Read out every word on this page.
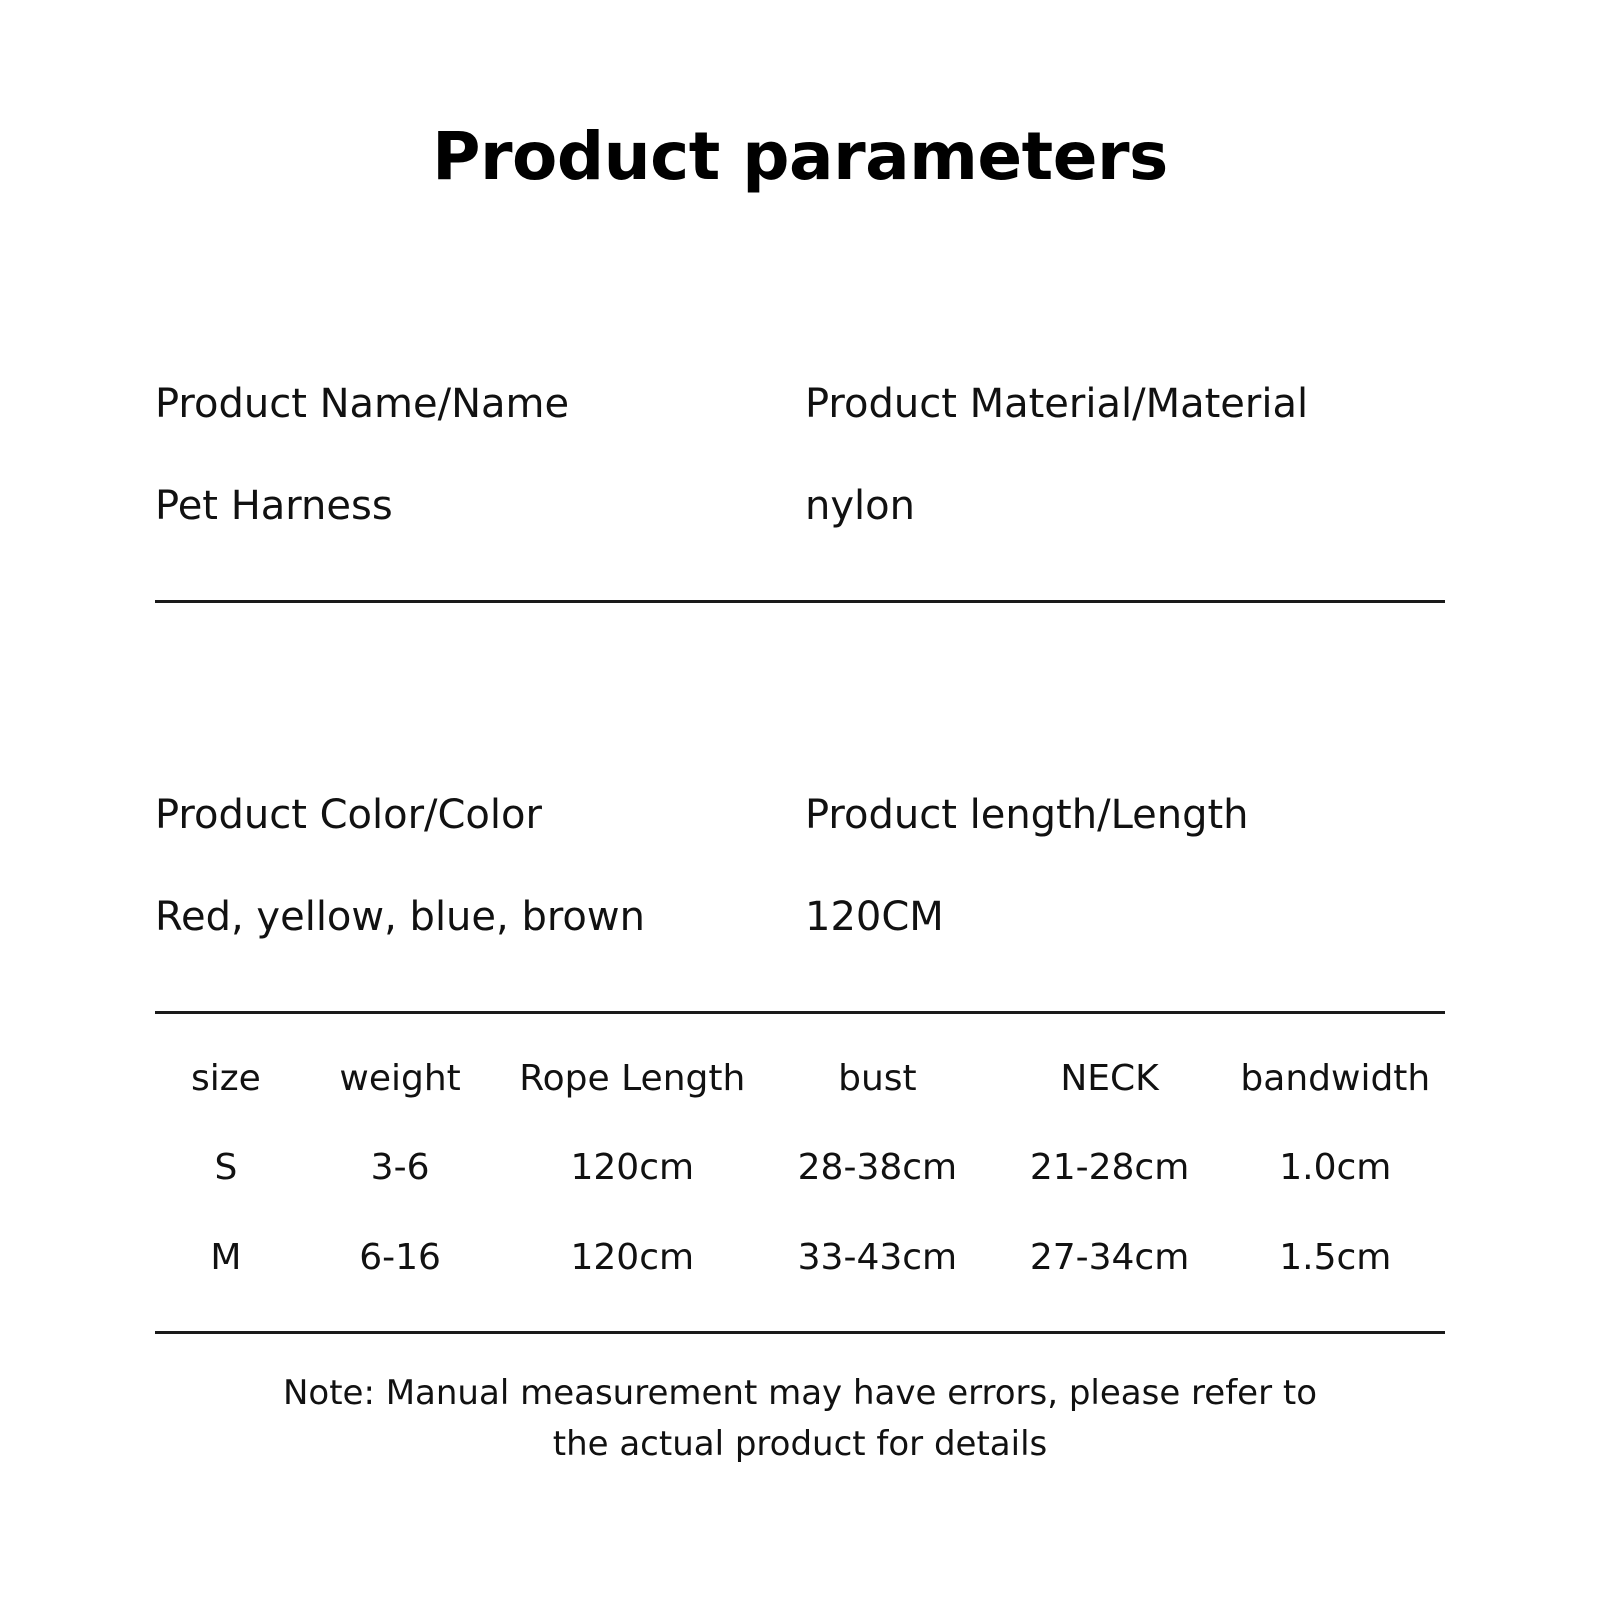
Product parameters
Product Name/Name
Pet Harness
Product Material/Material
nylon
Product Color/Color
Red, yellow, blue, brown
Product length/Length
120CM
size	weight	Rope Length	bust	NECK	bandwidth
S	3-6	120cm	28-38cm	21-28cm	1.0cm
M	6-16	120cm	33-43cm	27-34cm	1.5cm
Note: Manual measurement may have errors, please refer to
the actual product for details
